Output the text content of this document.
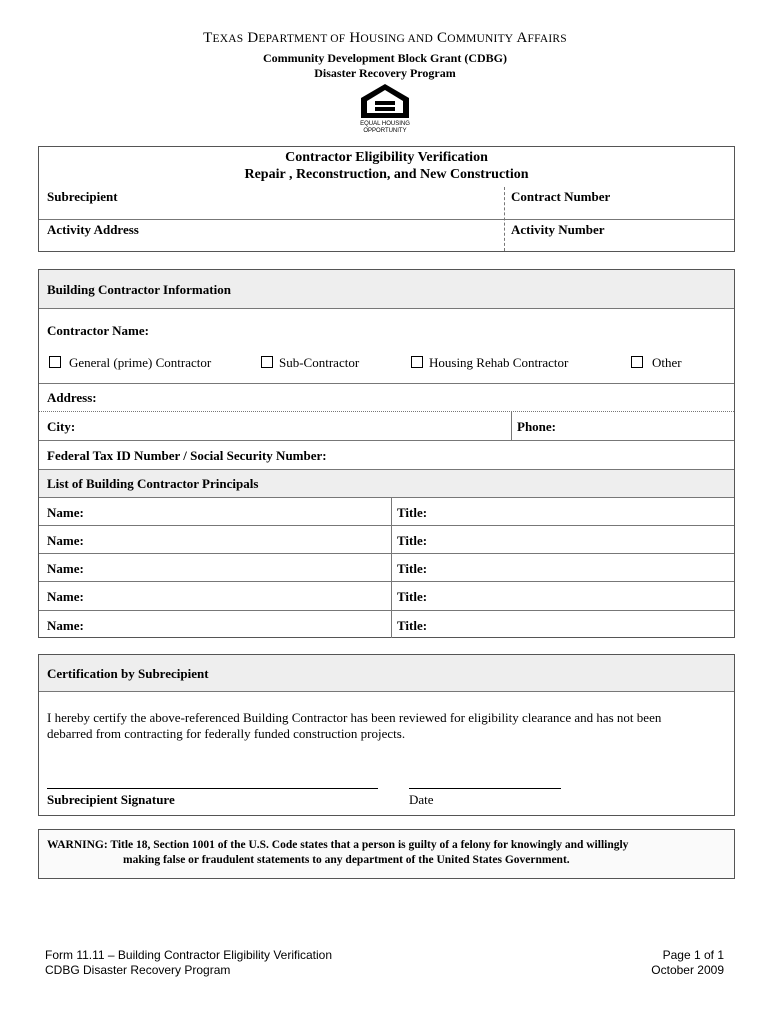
TEXAS DEPARTMENT OF HOUSING AND COMMUNITY AFFAIRS
Community Development Block Grant (CDBG)
Disaster Recovery Program
EQUAL HOUSING
OPPORTUNITY
Contractor Eligibility Verification
Repair , Reconstruction, and New Construction
Subrecipient	Contract Number
Activity Address	Activity Number
Building Contractor Information
Contractor Name:
General (prime) Contractor	Sub-Contractor	Housing Rehab Contractor	Other
Address:
City:	Phone:
Federal Tax ID Number / Social Security Number:
List of Building Contractor Principals
Name:	Title:
Name:	Title:
Name:	Title:
Name:	Title:
Name:	Title:
Certification by Subrecipient
I hereby certify the above-referenced Building Contractor has been reviewed for eligibility clearance and has not been
debarred from contracting for federally funded construction projects.
Subrecipient Signature	Date
WARNING: Title 18, Section 1001 of the U.S. Code states that a person is guilty of a felony for knowingly and willingly
making false or fraudulent statements to any department of the United States Government.
Form 11.11 – Building Contractor Eligibility Verification
CDBG Disaster Recovery Program
Page 1 of 1
October 2009
